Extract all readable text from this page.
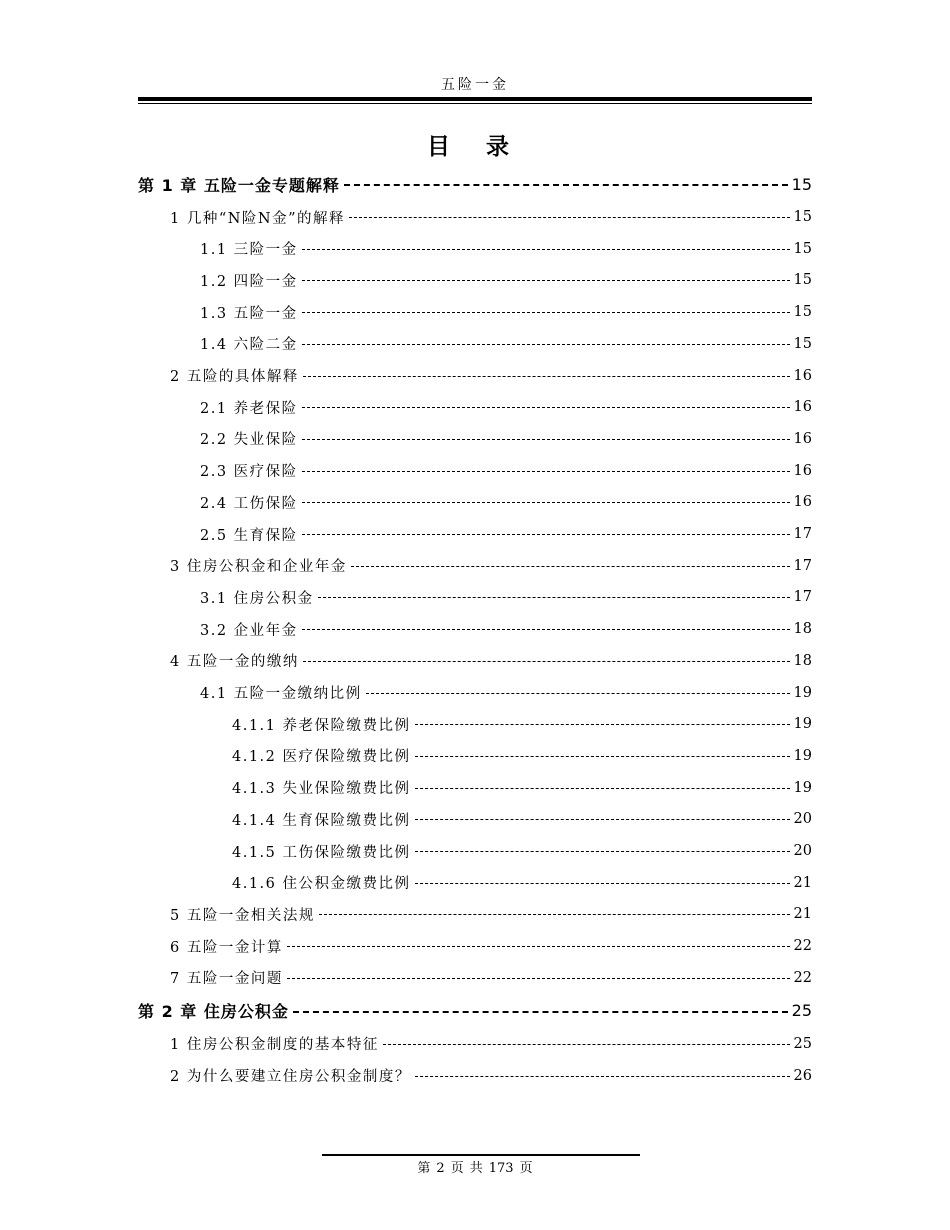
五险一金
目 录
第 1 章 五险一金专题解释	15
1 几种“N险N金”的解释	15
1.1 三险一金	15
1.2 四险一金	15
1.3 五险一金	15
1.4 六险二金	15
2 五险的具体解释	16
2.1 养老保险	16
2.2 失业保险	16
2.3 医疗保险	16
2.4 工伤保险	16
2.5 生育保险	17
3 住房公积金和企业年金	17
3.1 住房公积金	17
3.2 企业年金	18
4 五险一金的缴纳	18
4.1 五险一金缴纳比例	19
4.1.1 养老保险缴费比例	19
4.1.2 医疗保险缴费比例	19
4.1.3 失业保险缴费比例	19
4.1.4 生育保险缴费比例	20
4.1.5 工伤保险缴费比例	20
4.1.6 住公积金缴费比例	21
5 五险一金相关法规	21
6 五险一金计算	22
7 五险一金问题	22
第 2 章 住房公积金	25
1 住房公积金制度的基本特征	25
2 为什么要建立住房公积金制度？	26
第 2 页 共 173 页
